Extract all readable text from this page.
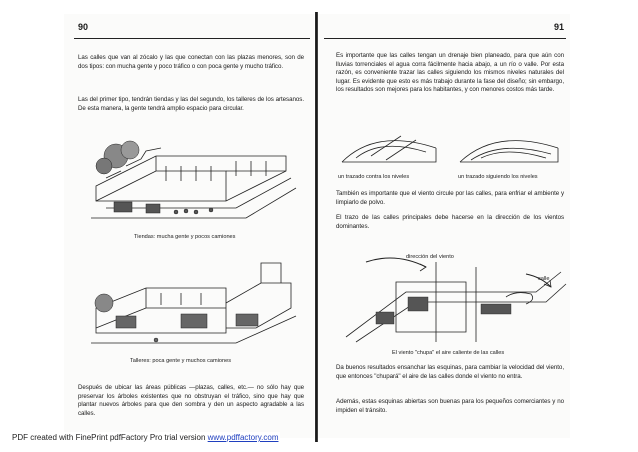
90
Las calles que van al zócalo y las que conectan con las plazas menores, son de dos tipos: con mucha gente y poco tráfico o con poca gente y mucho tráfico.
Las del primer tipo, tendrán tiendas y las del segundo, los talleres de los artesanos. De esta manera, la gente tendrá amplio espacio para circular.
Tiendas: mucha gente y pocos camiones
Talleres: poca gente y muchos camiones
Después de ubicar las áreas públicas —plazas, calles, etc.— no sólo hay que preservar los árboles existentes que no obstruyan el tráfico, sino que hay que plantar nuevos árboles para que den sombra y den un aspecto agradable a las calles.
91
Es importante que las calles tengan un drenaje bien planeado, para que aún con lluvias torrenciales el agua corra fácilmente hacia abajo, a un río o valle. Por esta razón, es conveniente trazar las calles siguiendo los mismos niveles naturales del lugar. Es evidente que esto es más trabajo durante la fase del diseño; sin embargo, los resultados son mejores para los habitantes, y con menores costos más tarde.
un trazado contra los niveles	un trazado siguiendo los niveles
También es importante que el viento circule por las calles, para enfriar el ambiente y limpiarlo de polvo.
El trazo de las calles principales debe hacerse en la dirección de los vientos dominantes.
dirección del viento
calle
El viento "chupa" el aire caliente de las calles
Da buenos resultados ensanchar las esquinas, para cambiar la velocidad del viento, que entonces "chupará" el aire de las calles donde el viento no entra.
Además, estas esquinas abiertas son buenas para los pequeños comerciantes y no impiden el tránsito.
PDF created with FinePrint pdfFactory Pro trial version www.pdffactory.com
